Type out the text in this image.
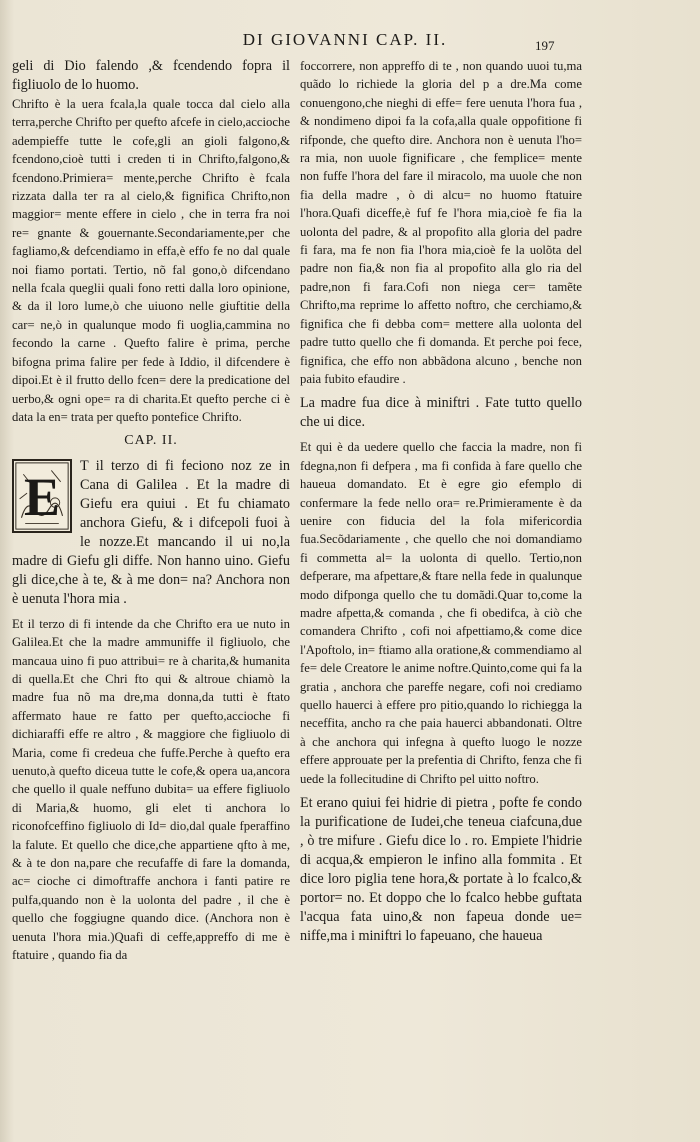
DI GIOVANNI CAP. II.	197

geli di Dio falendo ,& fcendendo fopra il figliuolo de lo huomo.

Chrifto è la uera fcala,la quale tocca dal cielo alla terra,perche Chrifto per quefto afcefe in cielo,accioche adempieffe tutte le cofe,gli an gioli falgono,& fcendono,cioè tutti i creden ti in Chrifto,falgono,& fcendono.Primiera= mente,perche Chrifto è fcala rizzata dalla ter ra al cielo,& fignifica Chrifto,non maggior= mente effere in cielo , che in terra fra noi re= gnante & gouernante.Secondariamente,per che fagliamo,& defcendiamo in effa,è effo fe no dal quale noi fiamo portati. Tertio, nõ fal gono,ò difcendano nella fcala queglii quali fono retti dalla loro opinione, & da il loro lume,ò che uiuono nelle giuftitie della car= ne,ò in qualunque modo fi uoglia,cammina no fecondo la carne . Quefto falire è prima, perche bifogna prima falire per fede à Iddio, il difcendere è dipoi.Et è il frutto dello fcen= dere la predicatione del uerbo,& ogni ope= ra di charita.Et quefto perche ci è data la en= trata per quefto pontefice Chrifto.

CAP. II.
E

T il terzo di fi feciono noz ze in Cana di Galilea . Et la madre di Giefu era quiui . Et fu chiamato anchora Giefu, & i difcepoli fuoi à le nozze.Et mancando il ui no,la madre di Giefu gli diffe. Non hanno uino. Giefu gli dice,che à te, & à me don= na? Anchora non è uenuta l'hora mia .

Et il terzo di fi intende da che Chrifto era ue nuto in Galilea.Et che la madre ammuniffe il figliuolo, che mancaua uino fi puo attribui= re à charita,& humanita di quella.Et che Chri fto qui & altroue chiamò la madre fua nõ ma dre,ma donna,da tutti è ftato affermato haue re fatto per quefto,accioche fi dichiaraffi effe re altro , & maggiore che figliuolo di Maria, come fi credeua che fuffe.Perche à quefto era uenuto,à quefto diceua tutte le cofe,& opera ua,ancora che quello il quale neffuno dubita= ua effere figliuolo di Maria,& huomo, gli elet ti anchora lo riconofceffino figliuolo di Id= dio,dal quale fperaffino la falute. Et quello che dice,che appartiene qfto à me, & à te don na,pare che recufaffe di fare la domanda, ac= cioche ci dimoftraffe anchora i fanti patire re pulfa,quando non è la uolonta del padre , il che è quello che foggiugne quando dice. (Anchora non è uenuta l'hora mia.)Quafi di ceffe,appreffo di me è ftatuire , quando fia da

foccorrere, non appreffo di te , non quando uuoi tu,ma quãdo lo richiede la gloria del p a dre.Ma come conuengono,che nieghi di effe= fere uenuta l'hora fua , & nondimeno dipoi fa la cofa,alla quale oppofitione fi rifponde, che quefto dire. Anchora non è uenuta l'ho= ra mia, non uuole fignificare , che femplice= mente non fuffe l'hora del fare il miracolo, ma uuole che non fia della madre , ò di alcu= no huomo ftatuire l'hora.Quafi diceffe,è fuf fe l'hora mia,cioè fe fia la uolonta del padre, & al propofito alla gloria del padre fi fara, ma fe non fia l'hora mia,cioè fe la uolõta del padre non fia,& non fia al propofito alla glo ria del padre,non fi fara.Cofi non niega cer= tamẽte Chrifto,ma reprime lo affetto noftro, che cerchiamo,& fignifica che fi debba com= mettere alla uolonta del padre tutto quello che fi domanda. Et perche poi fece, fignifica, che effo non abbãdona alcuno , benche non paia fubito efaudire .

La madre fua dice à miniftri . Fate tutto quello che ui dice.

Et qui è da uedere quello che faccia la madre, non fi fdegna,non fi defpera , ma fi confida à fare quello che haueua domandato. Et è egre gio efemplo di confermare la fede nello ora= re.Primieramente è da uenire con fiducia del la fola mifericordia fua.Secõdariamente , che quello che noi domandiamo fi commetta al= la uolonta di quello. Tertio,non defperare, ma afpettare,& ftare nella fede in qualunque modo difponga quello che tu domãdi.Quar to,come la madre afpetta,& comanda , che fi obedifca, à ciò che comandera Chrifto , cofi noi afpettiamo,& come dice l'Apoftolo, in= ftiamo alla oratione,& commendiamo al fe= dele Creatore le anime noftre.Quinto,come qui fa la gratia , anchora che pareffe negare, cofi noi crediamo quello hauerci à effere pro pitio,quando lo richiegga la neceffita, ancho ra che paia hauerci abbandonati. Oltre à che anchora qui infegna à quefto luogo le nozze effere approuate per la prefentia di Chrifto, fenza che fi uede la follecitudine di Chrifto pel uitto noftro.

Et erano quiui fei hidrie di pietra , pofte fe condo la purificatione de Iudei,che teneua ciafcuna,due , ò tre mifure . Giefu dice lo . ro. Empiete l'hidrie di acqua,& empieron le infino alla fommita . Et dice loro piglia tene hora,& portate à lo fcalco,& portor= no. Et doppo che lo fcalco hebbe guftata l'acqua fata uino,& non fapeua donde ue= niffe,ma i miniftri lo fapeuano, che haueua
